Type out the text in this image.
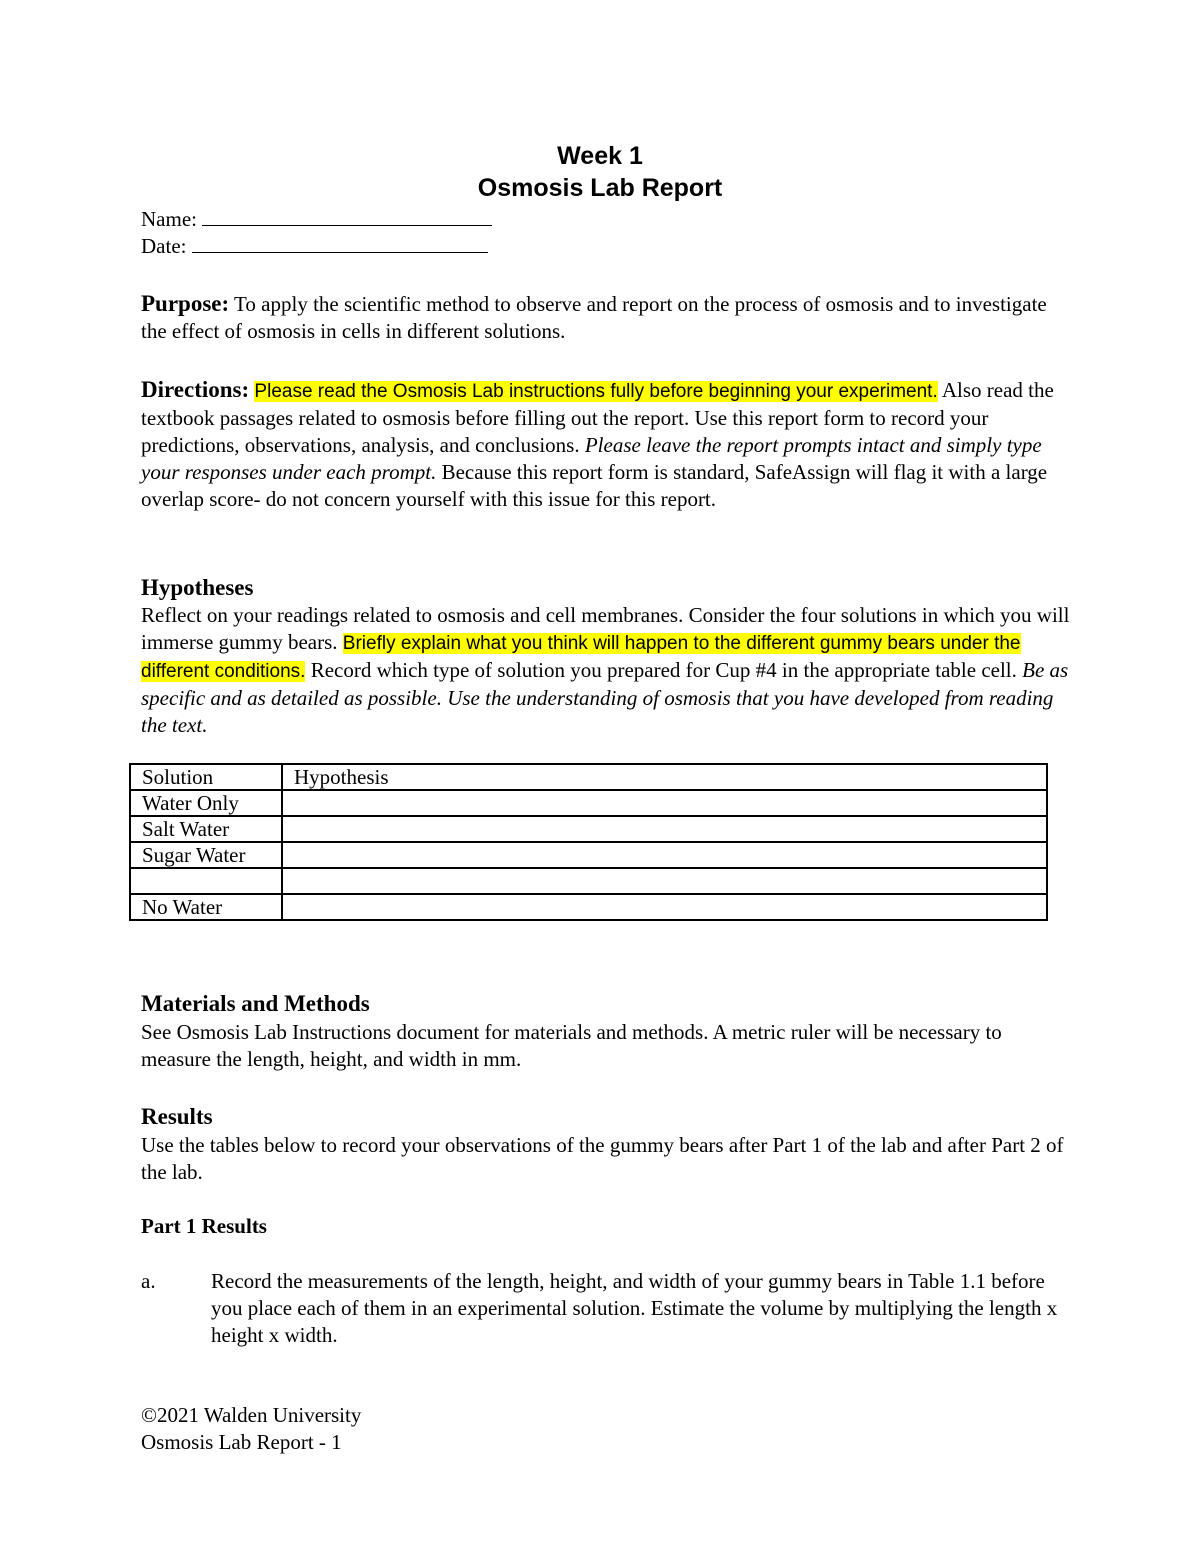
Week 1
Osmosis Lab Report
Name:
Date:
Purpose: To apply the scientific method to observe and report on the process of osmosis and to investigate the effect of osmosis in cells in different solutions.
Directions: Please read the Osmosis Lab instructions fully before beginning your experiment. Also read the textbook passages related to osmosis before filling out the report. Use this report form to record your predictions, observations, analysis, and conclusions. Please leave the report prompts intact and simply type your responses under each prompt. Because this report form is standard, SafeAssign will flag it with a large overlap score- do not concern yourself with this issue for this report.
Hypotheses
Reflect on your readings related to osmosis and cell membranes. Consider the four solutions in which you will immerse gummy bears. Briefly explain what you think will happen to the different gummy bears under the different conditions. Record which type of solution you prepared for Cup #4 in the appropriate table cell. Be as specific and as detailed as possible. Use the understanding of osmosis that you have developed from reading the text.
Solution	Hypothesis
Water Only	
Salt Water	
Sugar Water	

No Water	
Materials and Methods
See Osmosis Lab Instructions document for materials and methods. A metric ruler will be necessary to measure the length, height, and width in mm.
Results
Use the tables below to record your observations of the gummy bears after Part 1 of the lab and after Part 2 of the lab.
Part 1 Results
a.	Record the measurements of the length, height, and width of your gummy bears in Table 1.1 before you place each of them in an experimental solution. Estimate the volume by multiplying the length x height x width.
©2021 Walden University
Osmosis Lab Report - 1
